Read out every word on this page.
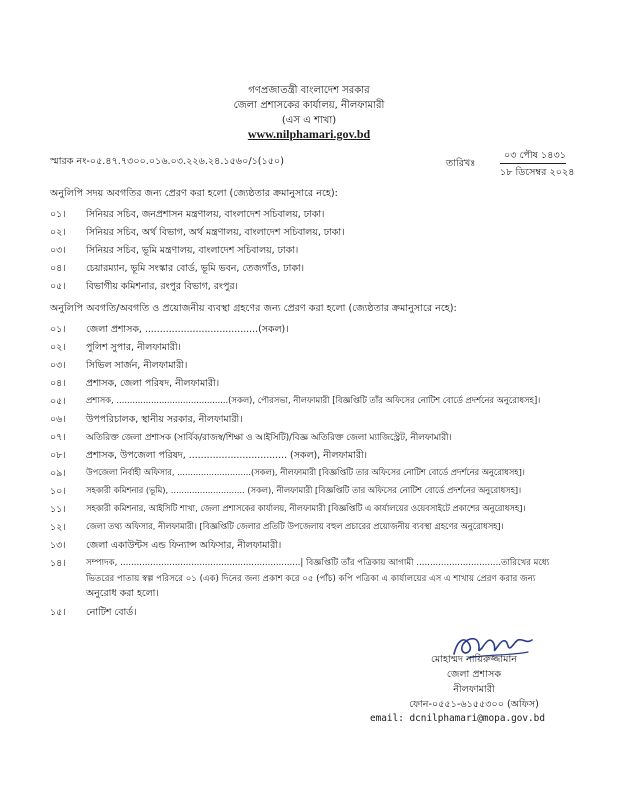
গণপ্রজাতন্ত্রী বাংলাদেশ সরকার
জেলা প্রশাসকের কার্যালয়, নীলফামারী
(এস এ শাখা)
www.nilphamari.gov.bd
স্মারক নং-০৫.৪৭.৭৩০০.০১৬.০৩.২২৬.২৪.১৫৬০/১(১৫০)	তারিখঃ
০৩ পৌষ ১৪৩১
১৮ ডিসেম্বর ২০২৪
অনুলিপি সদয় অবগতির জন্য প্রেরণ করা হলো (জ্যেষ্ঠতার ক্রমানুসারে নহে):
০১। সিনিয়র সচিব, জনপ্রশাসন মন্ত্রণালয়, বাংলাদেশ সচিবালয়, ঢাকা।
০২। সিনিয়র সচিব, অর্থ বিভাগ, অর্থ মন্ত্রণালয়, বাংলাদেশ সচিবালয়, ঢাকা।
০৩। সিনিয়র সচিব, ভূমি মন্ত্রণালয়, বাংলাদেশ সচিবালয়, ঢাকা।
০৪। চেয়ারম্যান, ভূমি সংস্কার বোর্ড, ভূমি ভবন, তেজগাঁও, ঢাকা।
০৫। বিভাগীয় কমিশনার, রংপুর বিভাগ, রংপুর।
অনুলিপি অবগতি/অবগতি ও প্রয়োজনীয় ব্যবস্থা গ্রহণের জন্য প্রেরণ করা হলো (জ্যেষ্ঠতার ক্রমানুসারে নহে):
০১। জেলা প্রশাসক, ......................................(সকল)।
০২। পুলিশ সুপার, নীলফামারী।
০৩। সিভিল সার্জন, নীলফামারী।
০৪। প্রশাসক, জেলা পরিষদ, নীলফামারী।
০৫। প্রশাসক, ..........................................(সকল), পৌরসভা, নীলফামারী [বিজ্ঞপ্তিটি তাঁর অফিসের নোটিশ বোর্ডে প্রদর্শনের অনুরোধসহ]।
০৬। উপপরিচালক, স্থানীয় সরকার, নীলফামারী।
০৭। অতিরিক্ত জেলা প্রশাসক (সার্বিক/রাজস্ব/শিক্ষা ও আইসিটি)/বিজ্ঞ অতিরিক্ত জেলা ম্যাজিস্ট্রেট, নীলফামারী।
০৮। প্রশাসক, উপজেলা পরিষদ, ................................. (সকল), নীলফামারী।
০৯। উপজেলা নির্বাহী অফিসার, ............................(সকল), নীলফামারী [বিজ্ঞপ্তিটি তার অফিসের নোটিশ বোর্ডে প্রদর্শনের অনুরোধসহ]।
১০। সহকারী কমিশনার (ভূমি), ............................ (সকল), নীলফামারী [বিজ্ঞপ্তিটি তার অফিসের নোটিশ বোর্ডে প্রদর্শনের অনুরোধসহ]।
১১। সহকারী কমিশনার, আইসিটি শাখা, জেলা প্রশাসকের কার্যালয়, নীলফামারী [বিজ্ঞপ্তিটি এ কার্যালয়ের ওয়েবসাইটে প্রকাশের অনুরোধসহ]।
১২। জেলা তথ্য অফিসার, নীলফামারী। [বিজ্ঞপ্তিটি জেলার প্রতিটি উপজেলায় বহুল প্রচারের প্রয়োজনীয় ব্যবস্থা গ্রহণের অনুরোধসহ]।
১৩। জেলা একাউন্টস এন্ড ফিন্যান্স অফিসার, নীলফামারী।
১৪। সম্পাদক, ..................................................................| বিজ্ঞপ্তিটি তাঁর পত্রিকায় আগামী ...............................তারিখের মধ্যে
ভিতরের পাতায় স্বল্প পরিসরে ০১ (এক) দিনের জন্য প্রকাশ করে ০৫ (পাঁচ) কপি পত্রিকা এ কার্যালয়ের এস এ শাখায় প্রেরণ করার জন্য
অনুরোধ করা হলো।
১৫। নোটিশ বোর্ড।
মোহাম্মদ নায়িরুজ্জামান
জেলা প্রশাসক
নীলফামারী
ফোন-০৫৫১-৬১৫৫৩০০ (অফিস)
email: dcnilphamari@mopa.gov.bd
